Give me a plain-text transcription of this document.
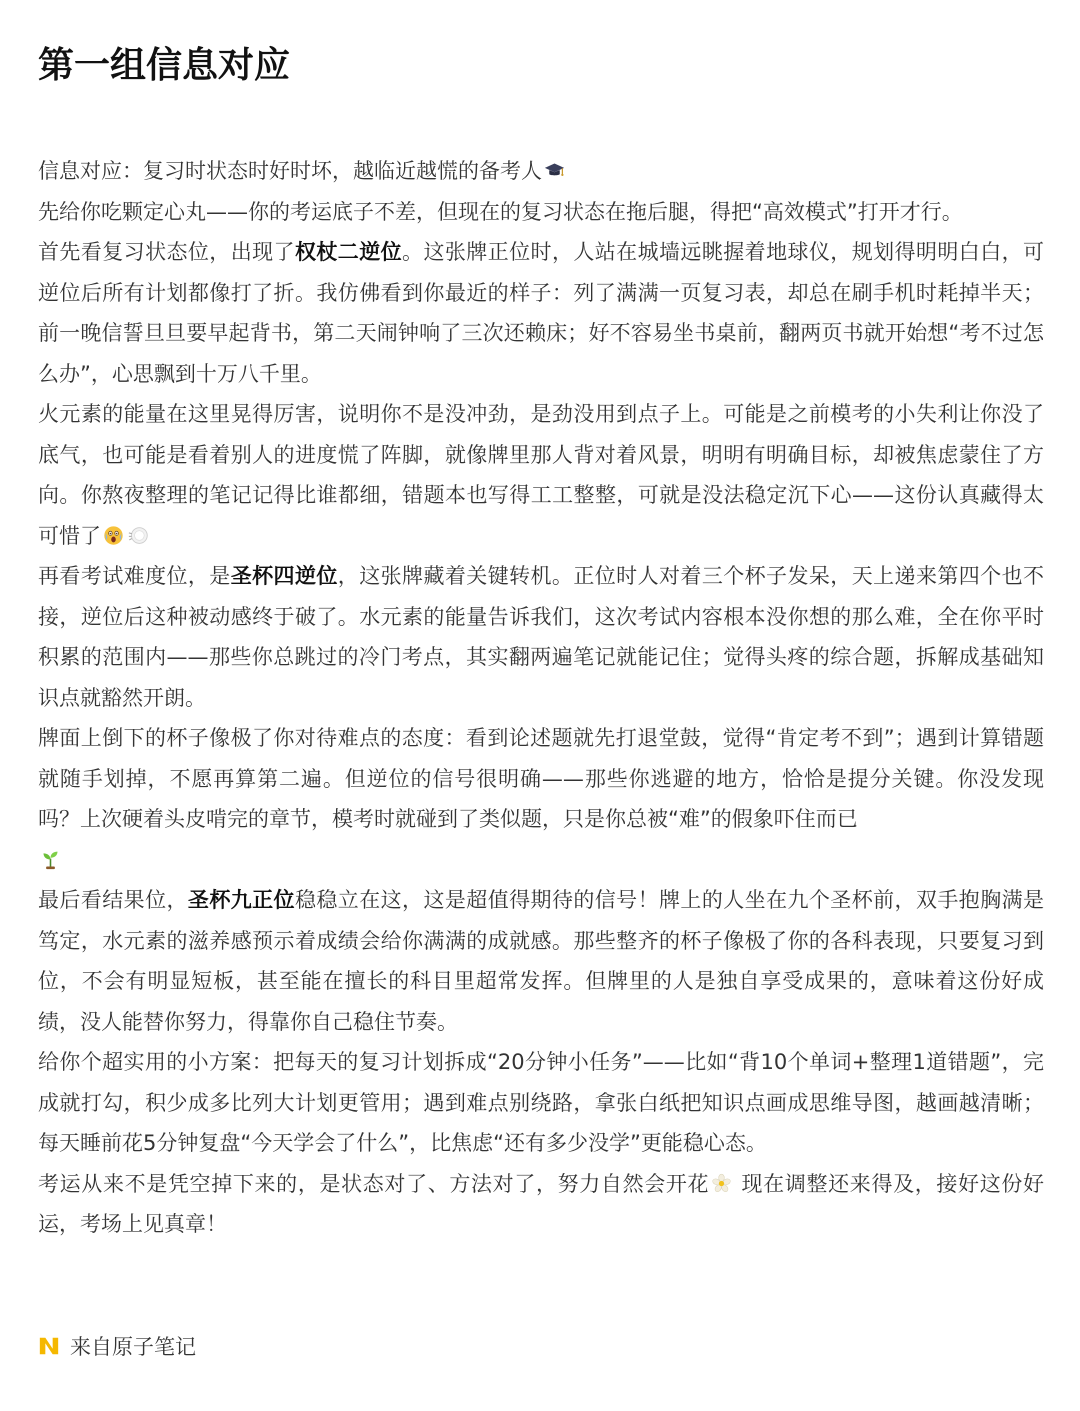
第一组信息对应

信息对应：复习时状态时好时坏，越临近越慌的备考人

先给你吃颗定心丸——你的考运底子不差，但现在的复习状态在拖后腿，得把“高效模式”打开才行。

首先看复习状态位，出现了权杖二逆位。这张牌正位时，人站在城墙远眺握着地球仪，规划得明明白白，可逆位后所有计划都像打了折。我仿佛看到你最近的样子：列了满满一页复习表，却总在刷手机时耗掉半天；前一晚信誓旦旦要早起背书，第二天闹钟响了三次还赖床；好不容易坐书桌前，翻两页书就开始想“考不过怎么办”，心思飘到十万八千里。

火元素的能量在这里晃得厉害，说明你不是没冲劲，是劲没用到点子上。可能是之前模考的小失利让你没了底气，也可能是看着别人的进度慌了阵脚，就像牌里那人背对着风景，明明有明确目标，却被焦虑蒙住了方向。你熬夜整理的笔记记得比谁都细，错题本也写得工工整整，可就是没法稳定沉下心——这份认真藏得太可惜了

再看考试难度位，是圣杯四逆位，这张牌藏着关键转机。正位时人对着三个杯子发呆，天上递来第四个也不接，逆位后这种被动感终于破了。水元素的能量告诉我们，这次考试内容根本没你想的那么难，全在你平时积累的范围内——那些你总跳过的冷门考点，其实翻两遍笔记就能记住；觉得头疼的综合题，拆解成基础知识点就豁然开朗。

牌面上倒下的杯子像极了你对待难点的态度：看到论述题就先打退堂鼓，觉得“肯定考不到”；遇到计算错题就随手划掉，不愿再算第二遍。但逆位的信号很明确——那些你逃避的地方，恰恰是提分关键。你没发现吗？上次硬着头皮啃完的章节，模考时就碰到了类似题，只是你总被“难”的假象吓住而已

最后看结果位，圣杯九正位稳稳立在这，这是超值得期待的信号！牌上的人坐在九个圣杯前，双手抱胸满是笃定，水元素的滋养感预示着成绩会给你满满的成就感。那些整齐的杯子像极了你的各科表现，只要复习到位，不会有明显短板，甚至能在擅长的科目里超常发挥。但牌里的人是独自享受成果的，意味着这份好成绩，没人能替你努力，得靠你自己稳住节奏。

给你个超实用的小方案：把每天的复习计划拆成“20分钟小任务”——比如“背10个单词+整理1道错题”，完成就打勾，积少成多比列大计划更管用；遇到难点别绕路，拿张白纸把知识点画成思维导图，越画越清晰；每天睡前花5分钟复盘“今天学会了什么”，比焦虑“还有多少没学”更能稳心态。

考运从来不是凭空掉下来的，是状态对了、方法对了，努力自然会开花 现在调整还来得及，接好这份好运，考场上见真章！

来自原子笔记
